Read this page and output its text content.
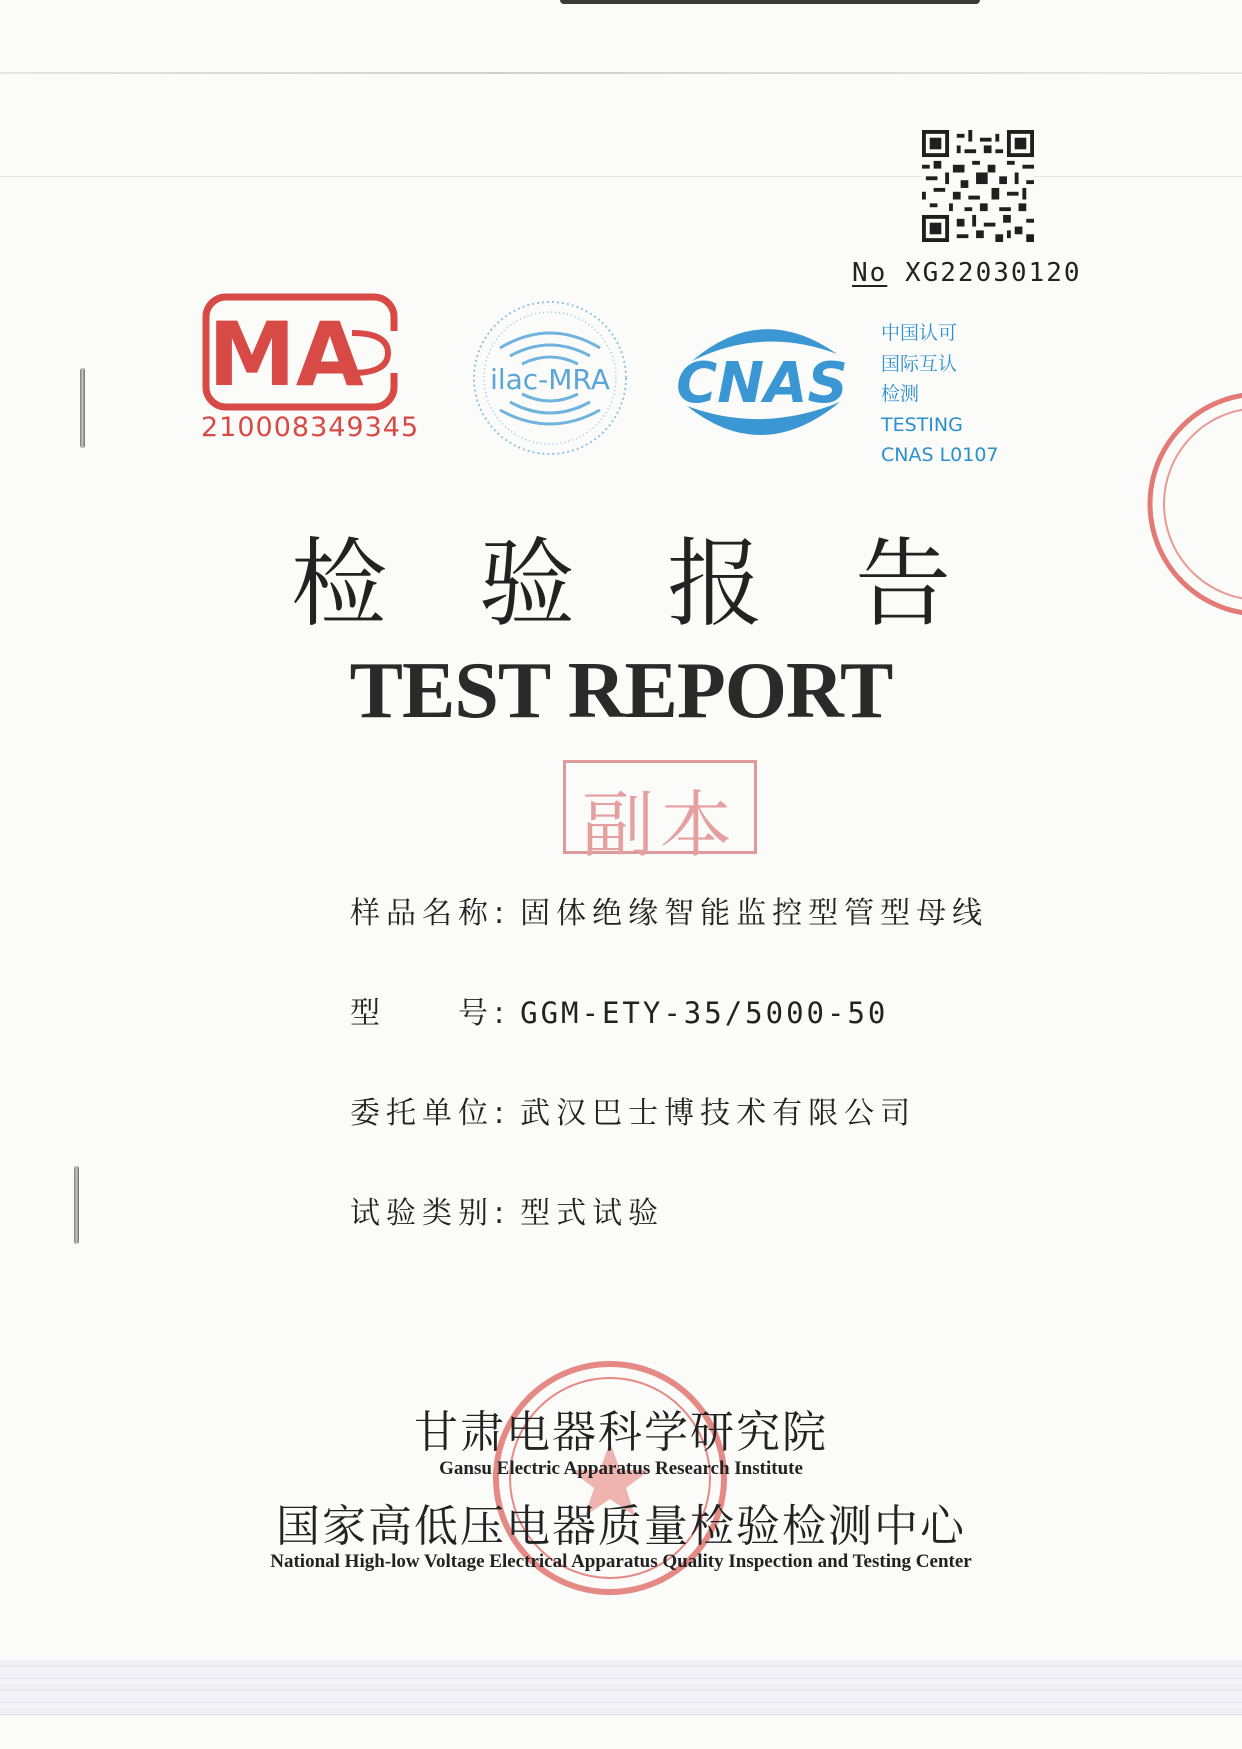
No XG22030120
MA
210008349345
ilac-MRA CNAS
中国认可
国际互认
检测
TESTING
CNAS L0107
检验报告
TEST REPORT
副本
样品名称: 固体绝缘智能监控型管型母线
型　　号: GGM-ETY-35/5000-50
委托单位: 武汉巴士博技术有限公司
试验类别: 型式试验
甘肃电器科学研究院
Gansu Electric Apparatus Research Institute
国家高低压电器质量检验检测中心
National High-low Voltage Electrical Apparatus Quality Inspection and Testing Center
